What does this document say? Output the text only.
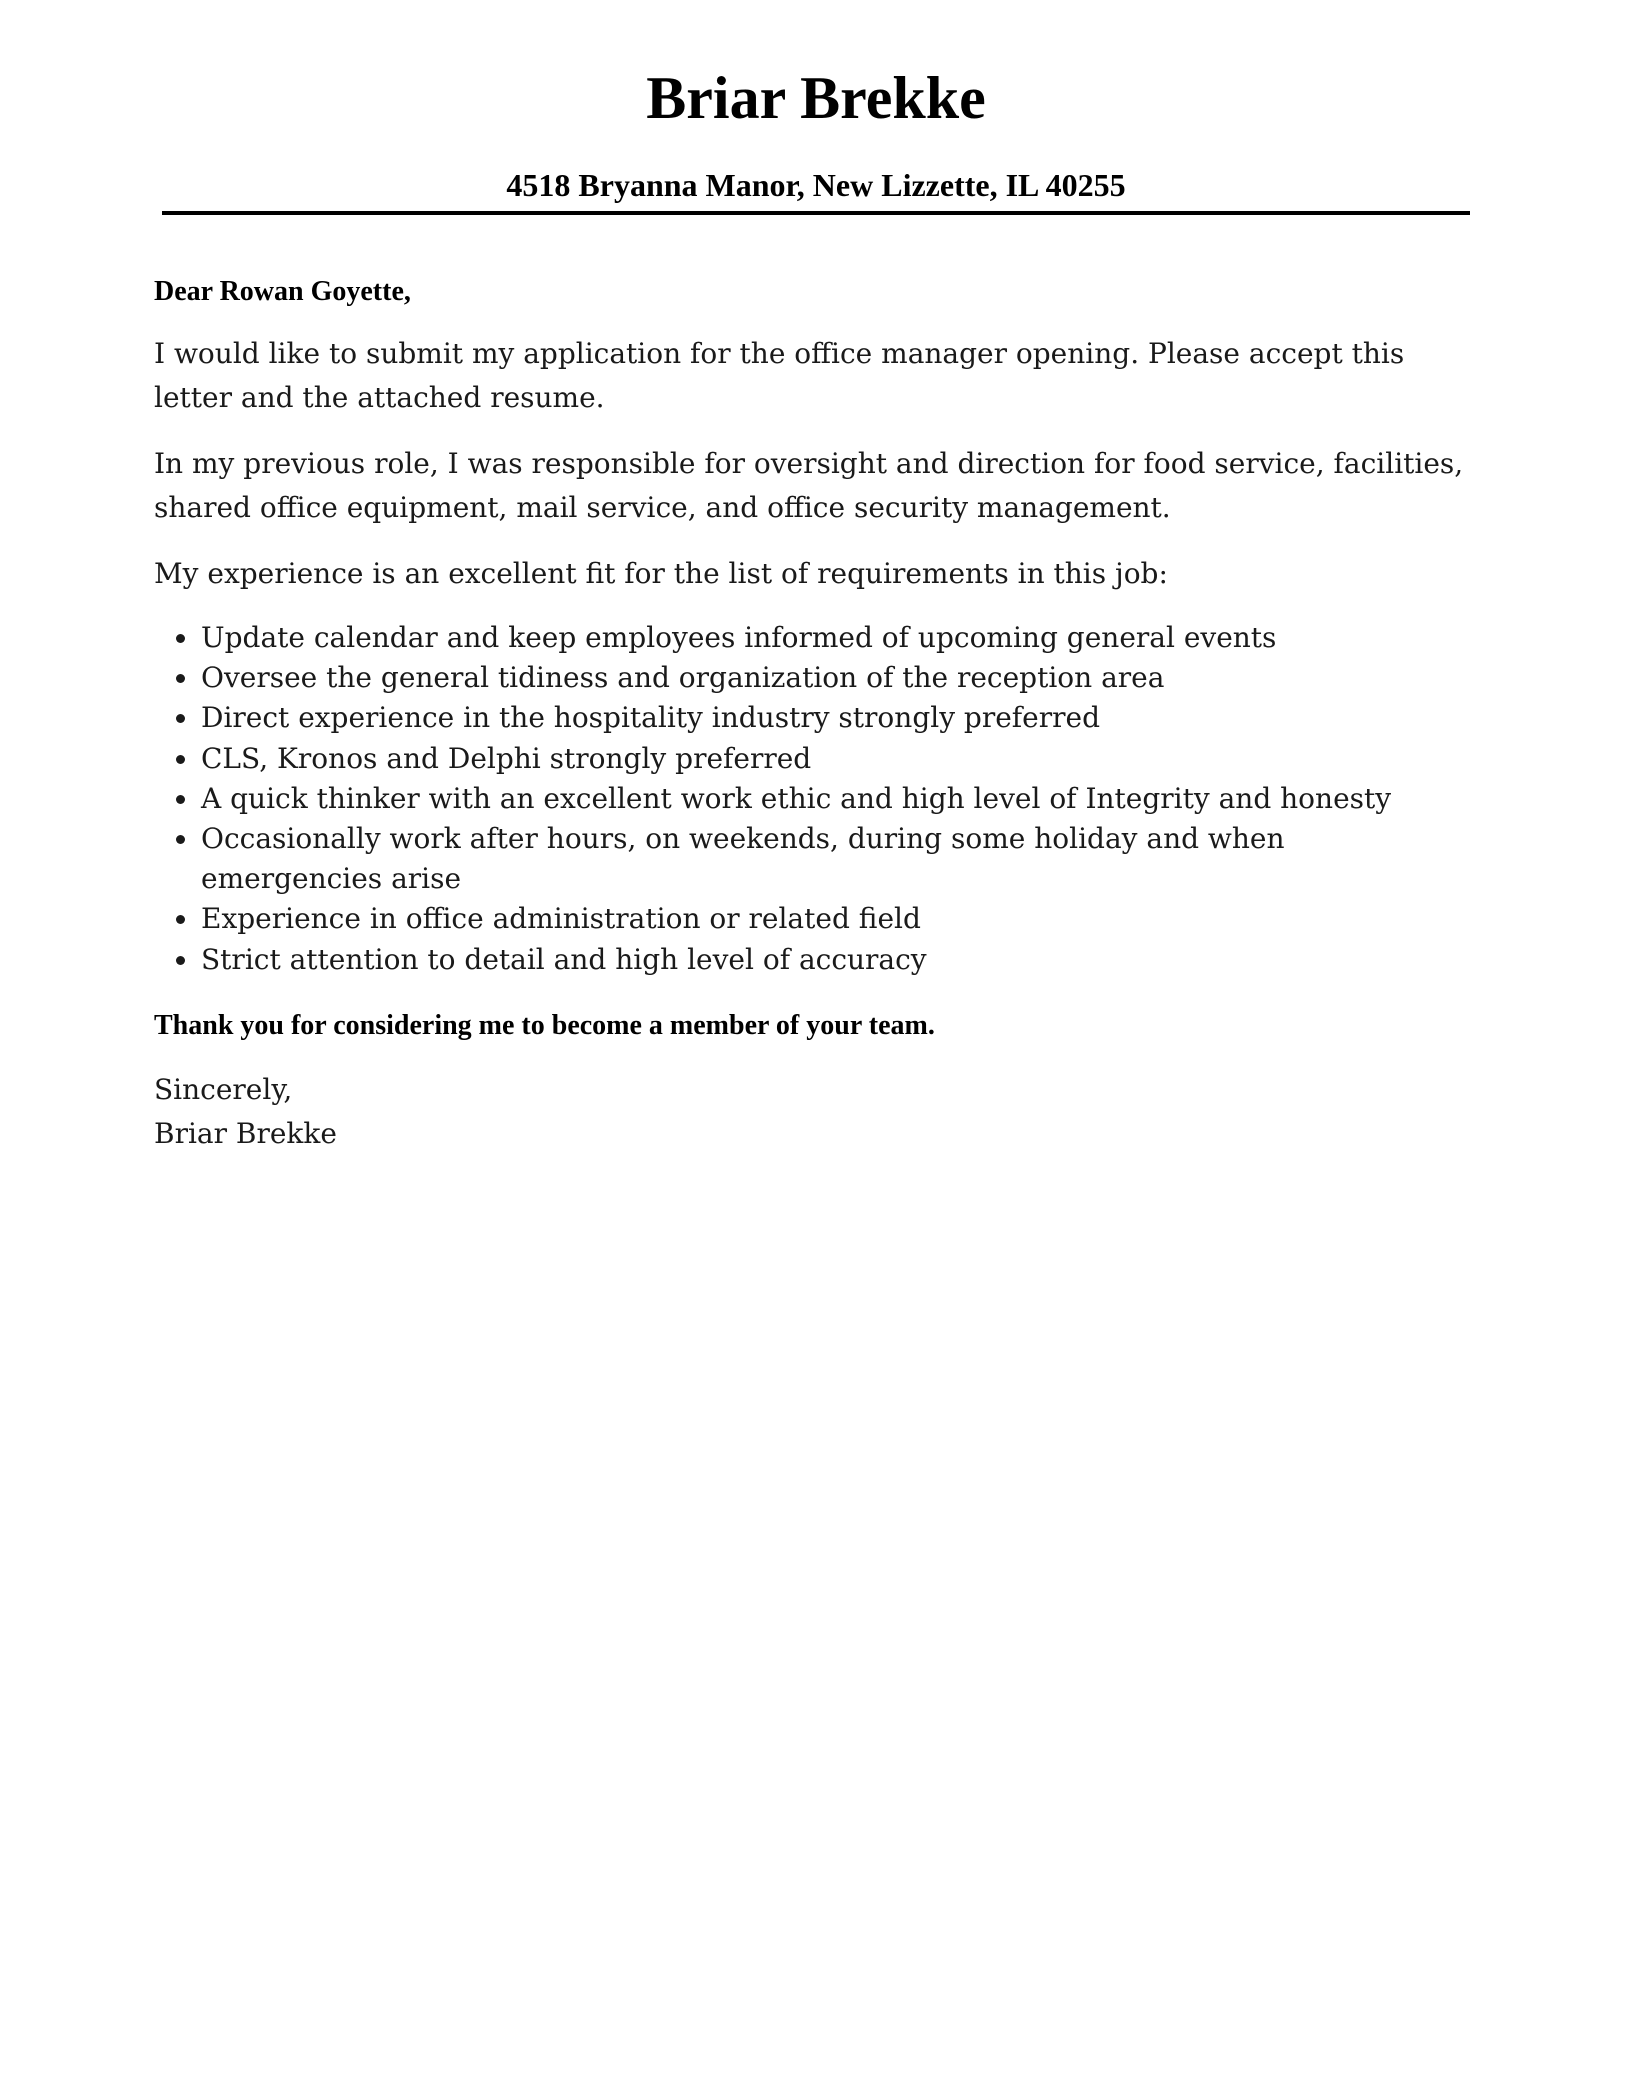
Briar Brekke
4518 Bryanna Manor, New Lizzette, IL 40255

Dear Rowan Goyette,

I would like to submit my application for the office manager opening. Please accept this letter and the attached resume.

In my previous role, I was responsible for oversight and direction for food service, facilities, shared office equipment, mail service, and office security management.

My experience is an excellent fit for the list of requirements in this job:

Update calendar and keep employees informed of upcoming general events
Oversee the general tidiness and organization of the reception area
Direct experience in the hospitality industry strongly preferred
CLS, Kronos and Delphi strongly preferred
A quick thinker with an excellent work ethic and high level of Integrity and honesty
Occasionally work after hours, on weekends, during some holiday and when emergencies arise
Experience in office administration or related field
Strict attention to detail and high level of accuracy

Thank you for considering me to become a member of your team.

Sincerely,

Briar Brekke
